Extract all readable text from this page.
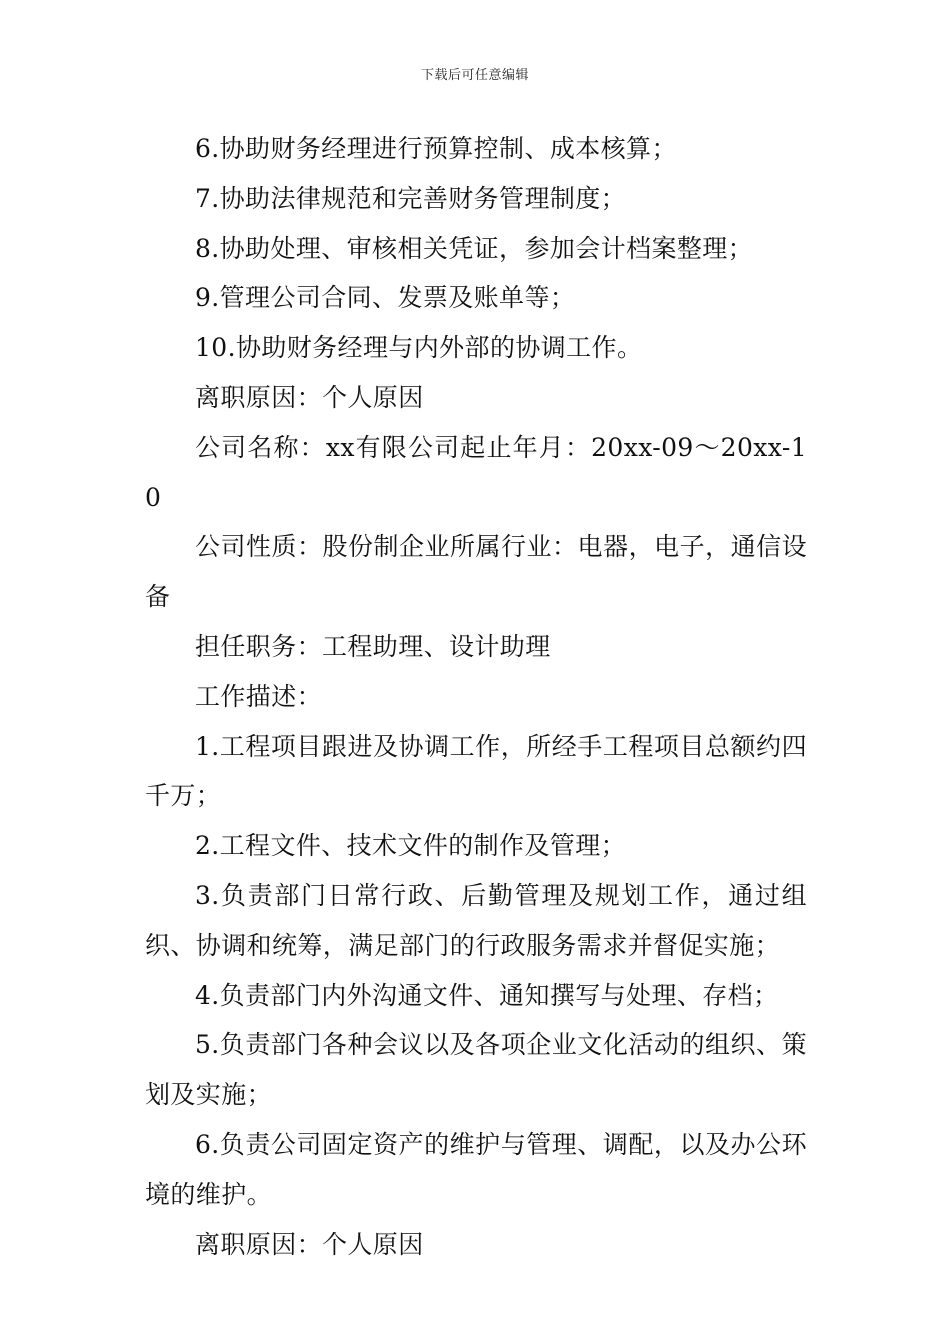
下载后可任意编辑

6.协助财务经理进行预算控制、成本核算；

7.协助法律规范和完善财务管理制度；

8.协助处理、审核相关凭证，参加会计档案整理；

9.管理公司合同、发票及账单等；

10.协助财务经理与内外部的协调工作。

离职原因：个人原因

公司名称：xx有限公司起止年月：20xx-09～20xx-10

公司性质：股份制企业所属行业：电器，电子，通信设备

担任职务：工程助理、设计助理

工作描述：

1.工程项目跟进及协调工作，所经手工程项目总额约四千万；

2.工程文件、技术文件的制作及管理；

3.负责部门日常行政、后勤管理及规划工作，通过组织、协调和统筹，满足部门的行政服务需求并督促实施；

4.负责部门内外沟通文件、通知撰写与处理、存档；

5.负责部门各种会议以及各项企业文化活动的组织、策划及实施；

6.负责公司固定资产的维护与管理、调配，以及办公环境的维护。

离职原因：个人原因
